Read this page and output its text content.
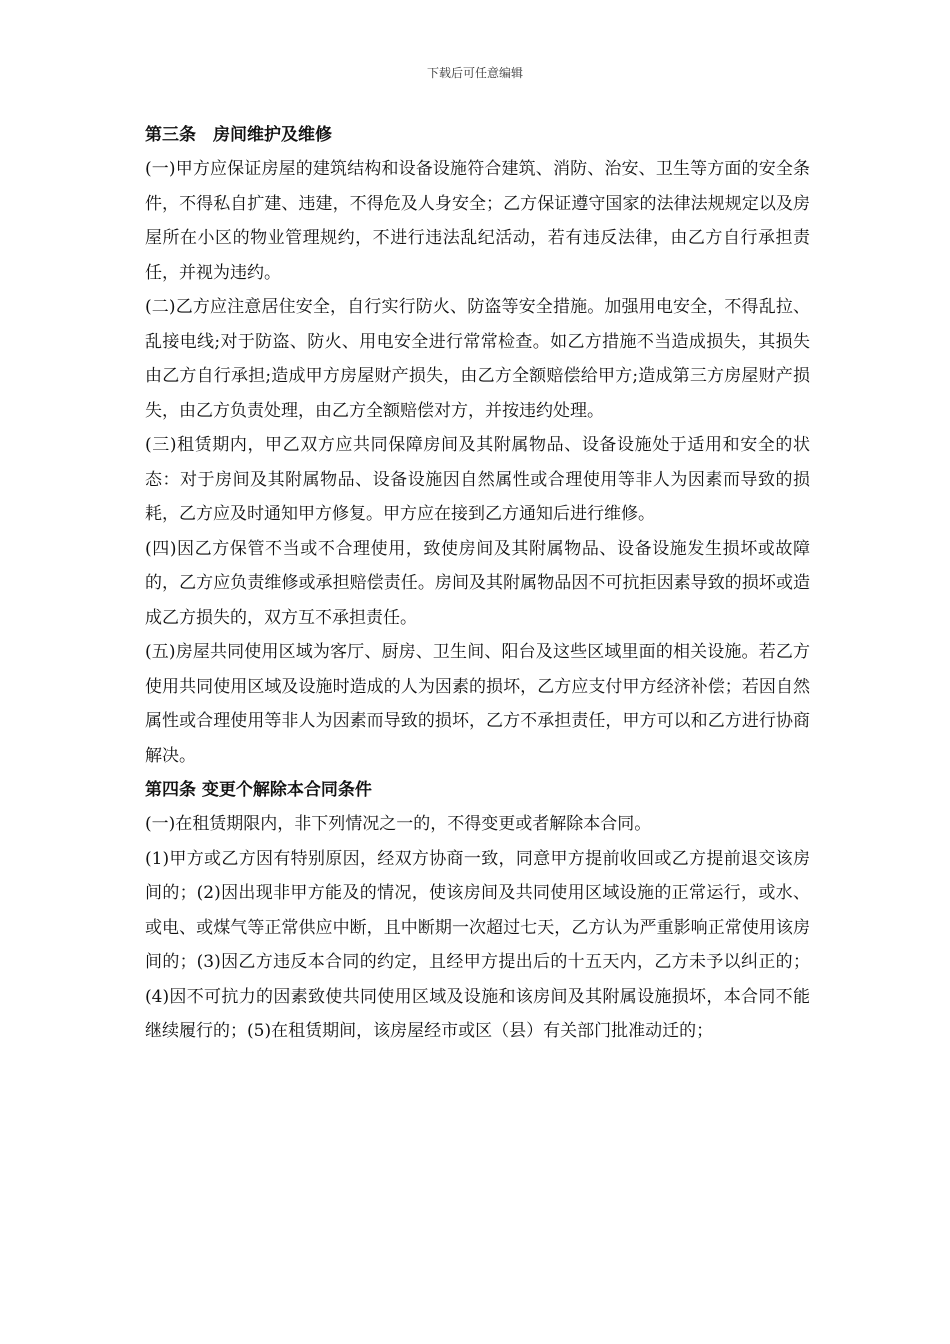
下载后可任意编辑
第三条　房间维护及维修

(一)甲方应保证房屋的建筑结构和设备设施符合建筑、消防、治安、卫生等方面的安全条件，不得私自扩建、违建，不得危及人身安全；乙方保证遵守国家的法律法规规定以及房屋所在小区的物业管理规约，不进行违法乱纪活动，若有违反法律，由乙方自行承担责任，并视为违约。

(二)乙方应注意居住安全，自行实行防火、防盗等安全措施。加强用电安全，不得乱拉、乱接电线;对于防盗、防火、用电安全进行常常检查。如乙方措施不当造成损失，其损失由乙方自行承担;造成甲方房屋财产损失，由乙方全额赔偿给甲方;造成第三方房屋财产损失，由乙方负责处理，由乙方全额赔偿对方，并按违约处理。

(三)租赁期内，甲乙双方应共同保障房间及其附属物品、设备设施处于适用和安全的状态：对于房间及其附属物品、设备设施因自然属性或合理使用等非人为因素而导致的损耗，乙方应及时通知甲方修复。甲方应在接到乙方通知后进行维修。

(四)因乙方保管不当或不合理使用，致使房间及其附属物品、设备设施发生损坏或故障的，乙方应负责维修或承担赔偿责任。房间及其附属物品因不可抗拒因素导致的损坏或造成乙方损失的，双方互不承担责任。

(五)房屋共同使用区域为客厅、厨房、卫生间、阳台及这些区域里面的相关设施。若乙方使用共同使用区域及设施时造成的人为因素的损坏，乙方应支付甲方经济补偿；若因自然属性或合理使用等非人为因素而导致的损坏，乙方不承担责任，甲方可以和乙方进行协商解决。

第四条 变更个解除本合同条件

(一)在租赁期限内，非下列情况之一的，不得变更或者解除本合同。

(1)甲方或乙方因有特别原因，经双方协商一致，同意甲方提前收回或乙方提前退交该房间的；(2)因出现非甲方能及的情况，使该房间及共同使用区域设施的正常运行，或水、或电、或煤气等正常供应中断，且中断期一次超过七天，乙方认为严重影响正常使用该房间的；(3)因乙方违反本合同的约定，且经甲方提出后的十五天内，乙方未予以纠正的；(4)因不可抗力的因素致使共同使用区域及设施和该房间及其附属设施损坏，本合同不能继续履行的；(5)在租赁期间，该房屋经市或区（县）有关部门批准动迁的；
